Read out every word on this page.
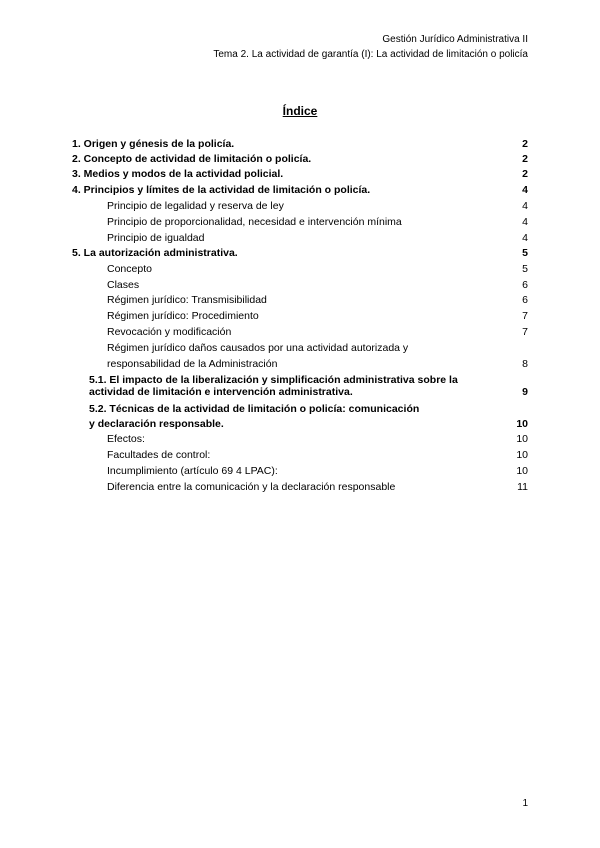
Gestión Jurídico Administrativa II
Tema 2. La actividad de garantía (I): La actividad de limitación o policía
Índice
1. Origen y génesis de la policía.	2
2. Concepto de actividad de limitación o policía.	2
3. Medios y modos de la actividad policial.	2
4. Principios y límites de la actividad de limitación o policía.	4
Principio de legalidad y reserva de ley	4
Principio de proporcionalidad, necesidad e intervención mínima	4
Principio de igualdad	4
5. La autorización administrativa.	5
Concepto	5
Clases	6
Régimen jurídico: Transmisibilidad	6
Régimen jurídico: Procedimiento	7
Revocación y modificación	7
Régimen jurídico daños causados por una actividad autorizada y
responsabilidad de la Administración	8
5.1. El impacto de la liberalización y simplificación administrativa sobre la
actividad de limitación e intervención administrativa.	9
5.2. Técnicas de la actividad de limitación o policía: comunicación
y declaración responsable.	10
Efectos:	10
Facultades de control:	10
Incumplimiento (artículo 69 4 LPAC):	10
Diferencia entre la comunicación y la declaración responsable	11
1
